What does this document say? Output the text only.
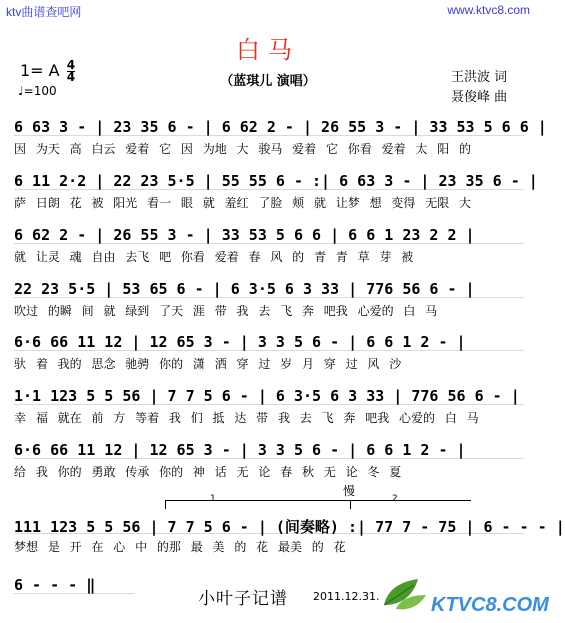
ktv曲谱查吧网	www.ktvc8.com
白马
1= A $\frac{4}{4}$
♩=100
（蓝琪儿 演唱）	王洪波 词
聂俊峰 曲
6 63 3 - | 23 35 6 - | 6 62 2 - | 26 55 3 - | 33 53 5 6 6 |
因 为天 高 白云 爱着 它 因 为地 大 骏马 爱着 它 你看 爱着 太 阳 的
6 11 2·2 | 22 23 5·5 | 55 55 6 - :| 6 63 3 - | 23 35 6 - |
萨 日朗 花 被 阳光 看一 眼 就 羞红 了脸 颊 就 让梦 想 变得 无限 大
6 62 2 - | 26 55 3 - | 33 53 5 6 6 | 6 6 1 23 2 2 |
就 让灵 魂 自由 去飞 吧 你看 爱着 春 风 的 青 青 草 芽 被
22 23 5·5 | 53 65 6 - | 6 3·5 6 3 33 | 776 56 6 - |
吹过 的瞬 间 就 绿到 了天 涯 带 我 去 飞 奔 吧我 心爱的 白 马
6·6 66 11 12 | 12 65 3 - | 3 3 5 6 - | 6 6 1 2 - |
驮 着 我的 思念 驰骋 你的 潇 洒 穿 过 岁 月 穿 过 风 沙
1·1 123 5 5 56 | 7 7 5 6 - | 6 3·5 6 3 33 | 776 56 6 - |
幸 福 就在 前 方 等着 我 们 抵 达 带 我 去 飞 奔 吧我 心爱的 白 马
6·6 66 11 12 | 12 65 3 - | 3 3 5 6 - | 6 6 1 2 - |
给 我 你的 勇敢 传承 你的 神 话 无 论 春 秋 无 论 冬 夏
慢
1	2
111 123 5 5 56 | 7 7 5 6 - | (间奏略) :| 77 7 - 75 | 6 - - - |
梦想 是 开 在 心 中 的那 最 美 的 花 最美 的 花
6 - - - ‖
小叶子记谱 2011.12.31.	KTVC8.COM
